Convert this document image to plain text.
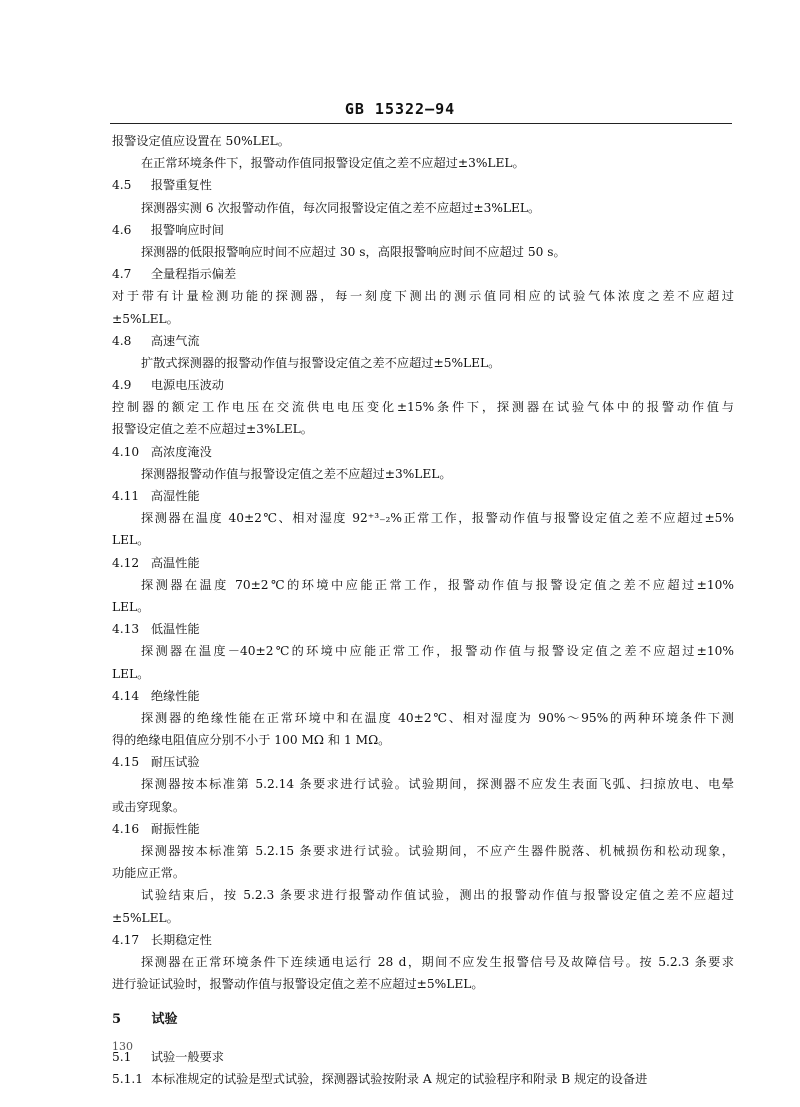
GB 15322—94
报警设定值应设置在 50%LEL。
在正常环境条件下，报警动作值同报警设定值之差不应超过±3%LEL。
4.5 报警重复性
探测器实测 6 次报警动作值，每次同报警设定值之差不应超过±3%LEL。
4.6 报警响应时间
探测器的低限报警响应时间不应超过 30 s，高限报警响应时间不应超过 50 s。
4.7 全量程指示偏差
对于带有计量检测功能的探测器，每一刻度下测出的测示值同相应的试验气体浓度之差不应超过
±5%LEL。
4.8 高速气流
扩散式探测器的报警动作值与报警设定值之差不应超过±5%LEL。
4.9 电源电压波动
控制器的额定工作电压在交流供电电压变化±15%条件下，探测器在试验气体中的报警动作值与
报警设定值之差不应超过±3%LEL。
4.10 高浓度淹没
探测器报警动作值与报警设定值之差不应超过±3%LEL。
4.11 高湿性能
探测器在温度 40±2℃、相对湿度 92⁺³₋₂%正常工作，报警动作值与报警设定值之差不应超过±5%
LEL。
4.12 高温性能
探测器在温度 70±2℃的环境中应能正常工作，报警动作值与报警设定值之差不应超过±10%
LEL。
4.13 低温性能
探测器在温度－40±2℃的环境中应能正常工作，报警动作值与报警设定值之差不应超过±10%
LEL。
4.14 绝缘性能
探测器的绝缘性能在正常环境中和在温度 40±2℃、相对湿度为 90%～95%的两种环境条件下测
得的绝缘电阻值应分别不小于 100 MΩ 和 1 MΩ。
4.15 耐压试验
探测器按本标准第 5.2.14 条要求进行试验。试验期间，探测器不应发生表面飞弧、扫掠放电、电晕
或击穿现象。
4.16 耐振性能
探测器按本标准第 5.2.15 条要求进行试验。试验期间，不应产生器件脱落、机械损伤和松动现象，
功能应正常。
试验结束后，按 5.2.3 条要求进行报警动作值试验，测出的报警动作值与报警设定值之差不应超过
±5%LEL。
4.17 长期稳定性
探测器在正常环境条件下连续通电运行 28 d，期间不应发生报警信号及故障信号。按 5.2.3 条要求
进行验证试验时，报警动作值与报警设定值之差不应超过±5%LEL。
5 试验
5.1 试验一般要求
5.1.1 本标准规定的试验是型式试验，探测器试验按附录 A 规定的试验程序和附录 B 规定的设备进
130
